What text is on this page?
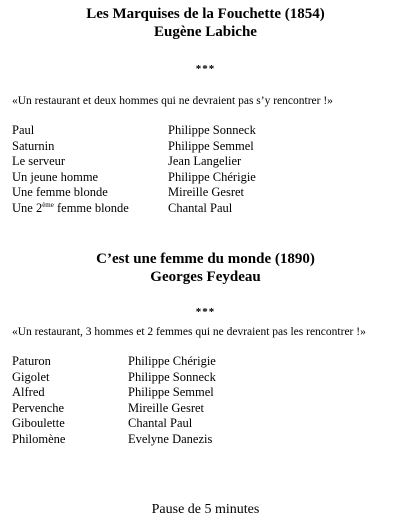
Les Marquises de la Fouchette (1854)
Eugène Labiche
***
«Un restaurant et deux hommes qui ne devraient pas s’y rencontrer !»
Paul
Saturnin
Le serveur
Un jeune homme
Une femme blonde
Une 2ème femme blonde
Philippe Sonneck
Philippe Semmel
Jean Langelier
Philippe Chérigie
Mireille Gesret
Chantal Paul
C’est une femme du monde (1890)
Georges Feydeau
***
«Un restaurant, 3 hommes et 2 femmes qui ne devraient pas les rencontrer !»
Paturon
Gigolet
Alfred
Pervenche
Giboulette
Philomène
Philippe Chérigie
Philippe Sonneck
Philippe Semmel
Mireille Gesret
Chantal Paul
Evelyne Danezis
Pause de 5 minutes
